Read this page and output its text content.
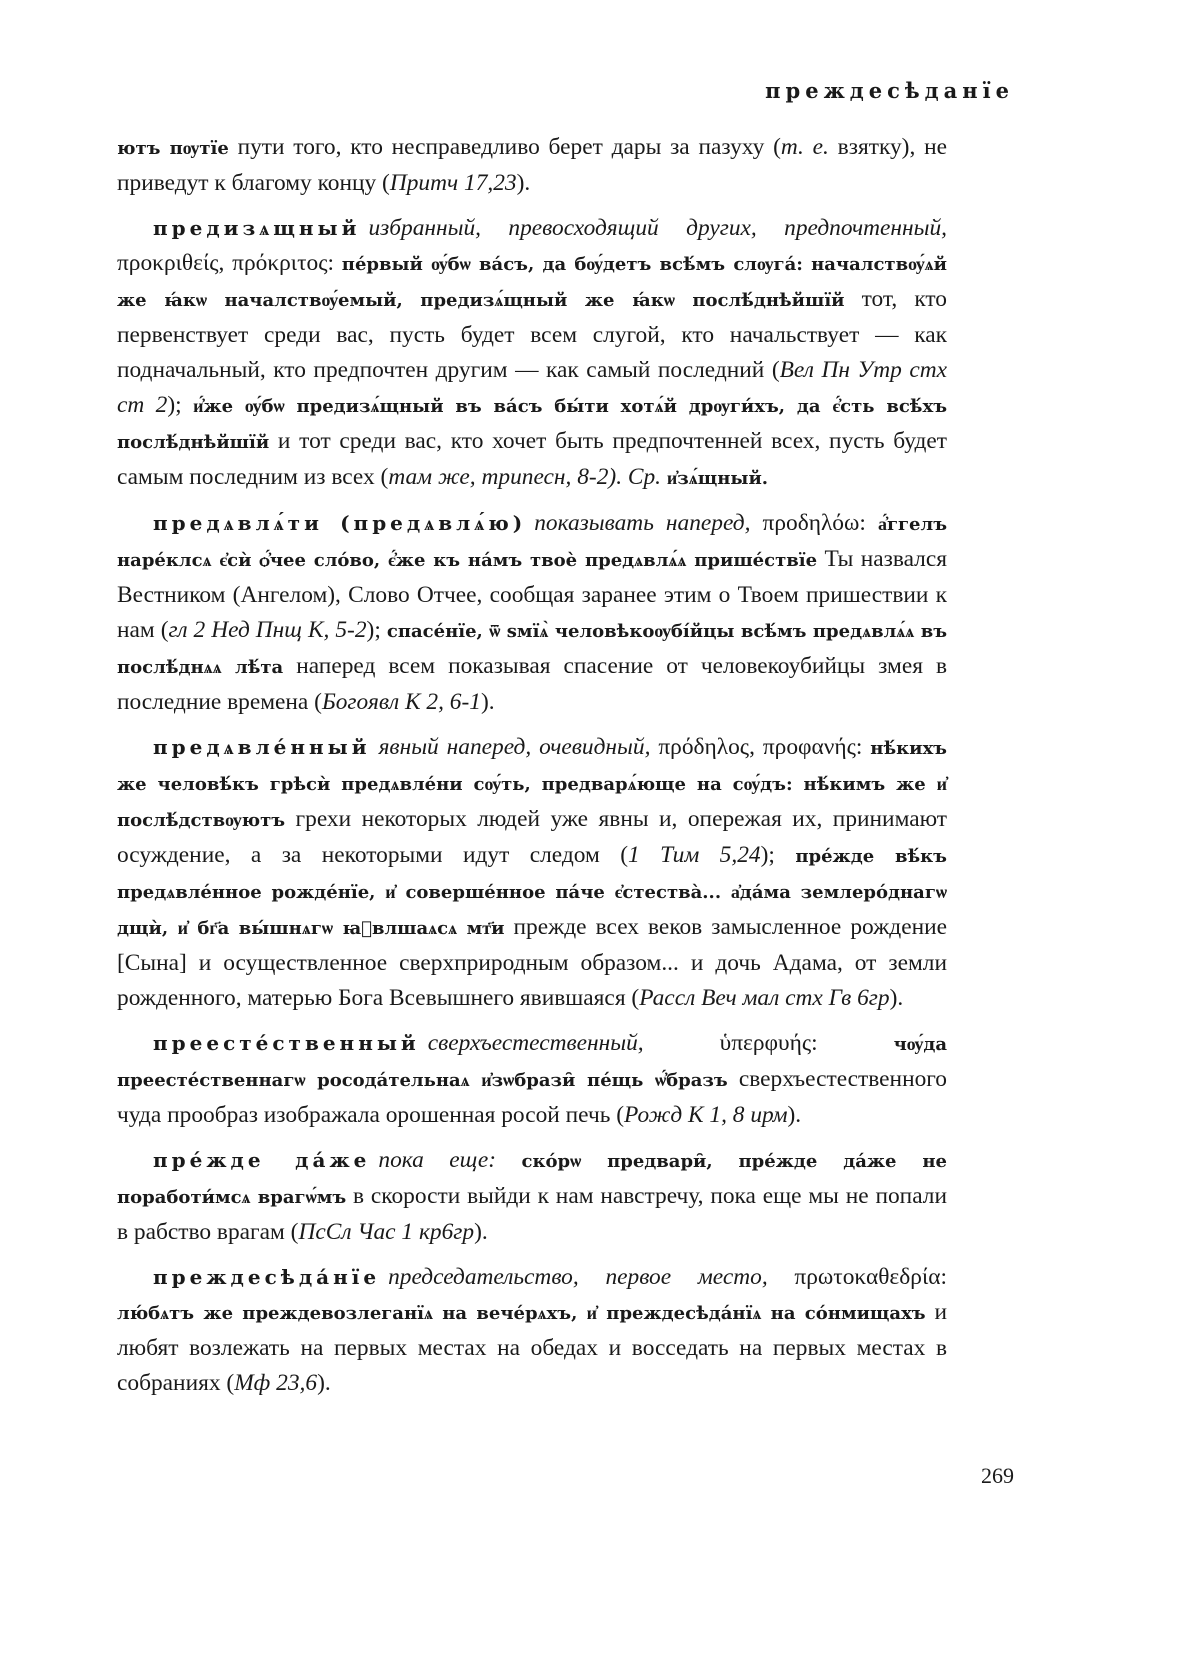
преждесѣданїе

ютъ пѹтїе пути того, кто несправедливо берет дары за пазуху (т. е. взятку), не приведут к благому концу (Притч 17,23).

предизѧщный избранный, превосходящий других, предпочтенный, προκριθείς, πρόκριτος: пéрвый ѹ́бѡ вáсъ, да бѹ́детъ всѣ́мъ слѹгá: началствѹ́ѧй же ꙗ́кѡ началствѹ́емый, предизѧ́щный же ꙗ́кѡ послѣ́днѣйшїй тот, кто первенствует среди вас, пусть будет всем слугой, кто начальствует — как подначальный, кто предпочтен другим — как самый последний (Вел Пн Утр стх ст 2); и҆́же ѹ́бѡ предизѧ́щный въ вáсъ бы́ти хотѧ́й дрѹги́хъ, да є҆́сть всѣ́хъ послѣ́днѣйшїй и тот среди вас, кто хочет быть предпочтенней всех, пусть будет самым последним из всех (там же, трипесн, 8-2). Ср. и҆зѧ́щный.

предѧвлѧ́ти (предѧвлѧ́ю) показывать наперед, προδηλόω: а҆́ггелъ нарéклсѧ є҆сѝ ѻ҆́чее сло́во, є҆́же къ нáмъ твоѐ предѧвлѧ́ѧ прише́ствїе Ты назвался Вестником (Ангелом), Слово Отчее, сообщая заранее этим о Твоем пришествии к нам (гл 2 Нед Пнщ К, 5-2); спасéнїе, ѿ ѕмїѧ̀ человѣкоѹбі́йцы всѣ́мъ предѧвлѧ́ѧ въ послѣ́днѧѧ лѣ́та наперед всем показывая спасение от человекоубийцы змея в последние времена (Богоявл К 2, 6-1).

предѧвлéнный явный наперед, очевидный, πρόδηλος, προφανής: нѣ́кихъ же человѣ́къ грѣсѝ предѧвлéни сѹ́ть, предварѧ́юще на сѹ́дъ: нѣ́кимъ же и҆ послѣ́дствѹютъ грехи некоторых людей уже явны и, опережая их, принимают осуждение, а за некоторыми идут следом (1 Тим 5,24); прéжде вѣ́къ предѧвлéнное рождéнїе, и҆ совершéнное пáче є҆стества̀... а҆да́ма землеро́днагѡ дщѝ, и҆ бг҃а вы́шнѧгѡ ꙗ҆влшаѧсѧ мт҃и прежде всех веков замысленное рождение [Сына] и осуществленное сверхприродным образом... и дочь Адама, от земли рожденного, матерью Бога Всевышнего явившаяся (Рассл Веч мал стх Гв 6гр).

преестéственный сверхъестественный, ὑπερφυής: чѹ́да преестéственнагѡ росода́тельнаѧ и҆зѡбрази̑ пéщь ѡ҆́бразъ сверхъестественного чуда прообраз изображала орошенная росой печь (Рожд К 1, 8 ирм).

прéжде да́же пока еще: ско́рѡ предвари̑, прéжде да́же не поработи́мсѧ врагѡ́мъ в скорости выйди к нам навстречу, пока еще мы не попали в рабство врагам (ПсСл Час 1 кр6гр).

преждесѣда́нїе председательство, первое место, πρωτοκαθεδρία: лю́бѧтъ же преждевозлеганїѧ на вечéрѧхъ, и҆ преждесѣда́нїѧ на со́нмищахъ и любят возлежать на первых местах на обедах и восседать на первых местах в собраниях (Мф 23,6).

269
